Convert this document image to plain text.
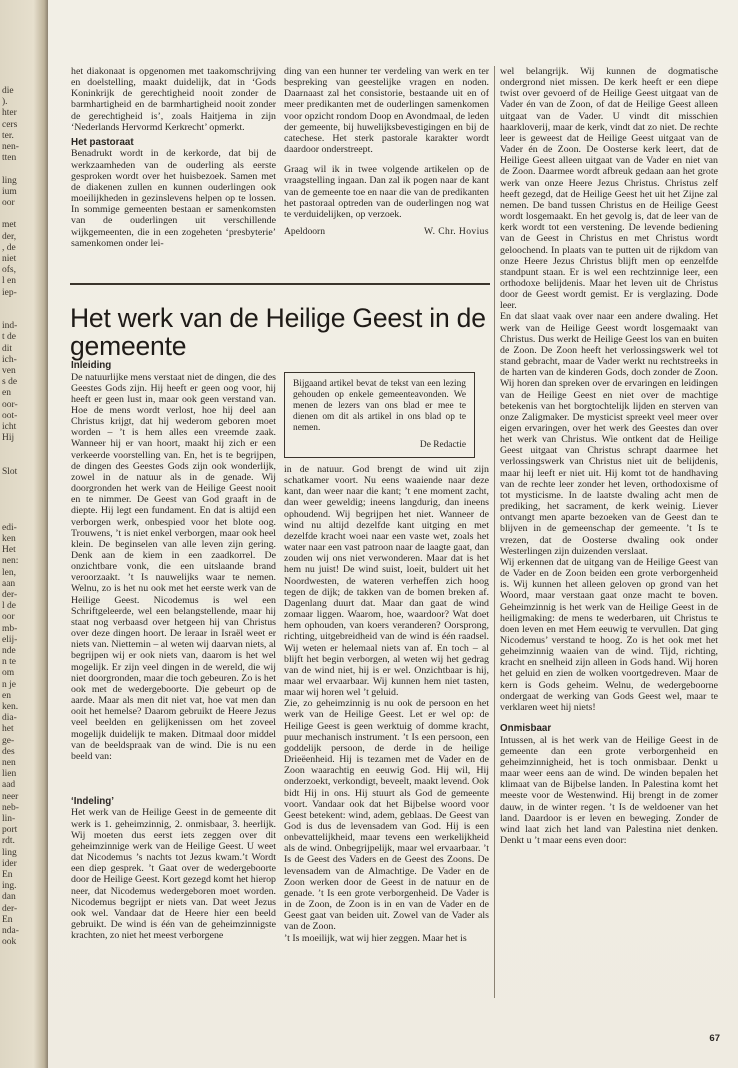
die
).
hter
cers
ter.
nen-
tten
ling
ium
oor
met
der,
, de
niet
ofs,
l en
iep-
ind-
t de
dit
ich-
ven
s de
en
oor-
oot-
icht
Hij
Slot
edi-
ken
Het
nen:
len,
aan
der-
l de
oor
mb-
elij-
nde
n te
om
n je
en
ken.
dia-
het
ge-
des
nen
lien
aad
neer
neb-
lin-
port
rdt.
ling
ider
En
ing.
dan
der-
En
nda-
ook

het diakonaat is opgenomen met taakomschrijving en doelstelling, maakt duidelijk, dat in ‘Gods Koninkrijk de gerechtigheid nooit zonder de barmhartigheid en de barmhartigheid nooit zonder de gerechtigheid is’, zoals Haitjema in zijn ‘Nederlands Hervormd Kerkrecht’ opmerkt.

Het pastoraat

Benadrukt wordt in de kerkorde, dat bij de werkzaamheden van de ouderling als eerste gesproken wordt over het huisbezoek. Samen met de diakenen zullen en kunnen ouderlingen ook moeilijkheden in gezinslevens helpen op te lossen. In sommige gemeenten bestaan er samenkomsten van de ouderlingen uit verschillende wijkgemeenten, die in een zogeheten ‘presbyterie’ samenkomen onder lei-

ding van een hunner ter verdeling van werk en ter bespreking van geestelijke vragen en noden. Daarnaast zal het consistorie, bestaande uit en of meer predikanten met de ouderlingen samenkomen voor opzicht rondom Doop en Avondmaal, de leden der gemeente, bij huwelijksbevestigingen en bij de catechese. Het sterk pastorale karakter wordt daardoor onderstreept.

Graag wil ik in twee volgende artikelen op de vraagstelling ingaan. Dan zal ik pogen naar de kant van de gemeente toe en naar die van de predikanten het pastoraal optreden van de ouderlingen nog wat te verduidelijken, op verzoek.

Apeldoorn	W. Chr. Hovius
Het werk van de Heilige Geest in de gemeente

Bijgaand artikel bevat de tekst van een lezing gehouden op enkele gemeenteavonden. We menen de lezers van ons blad er mee te dienen om dit als artikel in ons blad op te nemen.

De Redactie
Inleiding

De natuurlijke mens verstaat niet de dingen, die des Geestes Gods zijn. Hij heeft er geen oog voor, hij heeft er geen lust in, maar ook geen verstand van. Hoe de mens wordt verlost, hoe hij deel aan Christus krijgt, dat hij wederom geboren moet worden – ’t is hem alles een vreemde zaak. Wanneer hij er van hoort, maakt hij zich er een verkeerde voorstelling van. En, het is te begrijpen, de dingen des Geestes Gods zijn ook wonderlijk, zowel in de natuur als in de genade. Wij doorgronden het werk van de Heilige Geest nooit en te nimmer. De Geest van God graaft in de diepte. Hij legt een fundament. En dat is altijd een verborgen werk, onbespied voor het blote oog. Trouwens, ’t is niet enkel verborgen, maar ook heel klein. De beginselen van alle leven zijn gering. Denk aan de kiem in een zaadkorrel. De onzichtbare vonk, die een uitslaande brand veroorzaakt. ’t Is nauwelijks waar te nemen. Welnu, zo is het nu ook met het eerste werk van de Heilige Geest. Nicodemus is wel een Schriftgeleerde, wel een belangstellende, maar hij staat nog verbaasd over hetgeen hij van Christus over deze dingen hoort. De leraar in Israël weet er niets van. Niettemin – al weten wij daarvan niets, al begrijpen wij er ook niets van, daarom is het wel mogelijk. Er zijn veel dingen in de wereld, die wij niet doorgronden, maar die toch gebeuren. Zo is het ook met de wedergeboorte. Die gebeurt op de aarde. Maar als men dit niet vat, hoe vat men dan ooit het hemelse? Daarom gebruikt de Heere Jezus veel beelden en gelijkenissen om het zoveel mogelijk duidelijk te maken. Ditmaal door middel van de beeldspraak van de wind. Die is nu een beeld van:

‘Indeling’

Het werk van de Heilige Geest in de gemeente dit werk is 1. geheimzinnig, 2. onmisbaar, 3. heerlijk. Wij moeten dus eerst iets zeggen over dit geheimzinnige werk van de Heilige Geest. U weet dat Nicodemus ’s nachts tot Jezus kwam.’t Wordt een diep gesprek. ’t Gaat over de wedergeboorte door de Heilige Geest. Kort gezegd komt het hierop neer, dat Nicodemus wedergeboren moet worden. Nicodemus begrijpt er niets van. Dat weet Jezus ook wel. Vandaar dat de Heere hier een beeld gebruikt. De wind is één van de geheimzinnigste krachten, zo niet het meest verborgene

in de natuur. God brengt de wind uit zijn schatkamer voort. Nu eens waaiende naar deze kant, dan weer naar die kant; ’t ene moment zacht, dan weer geweldig; ineens langdurig, dan ineens ophoudend. Wij begrijpen het niet. Wanneer de wind nu altijd dezelfde kant uitging en met dezelfde kracht woei naar een vaste wet, zoals het water naar een vast patroon naar de laagte gaat, dan zouden wij ons niet verwonderen. Maar dat is het hem nu juist! De wind suist, loeit, buldert uit het Noordwesten, de wateren verheffen zich hoog tegen de dijk; de takken van de bomen breken af. Dagenlang duurt dat. Maar dan gaat de wind zomaar liggen. Waarom, hoe, waardoor? Wat doet hem ophouden, van koers veranderen? Oorsprong, richting, uitgebreidheid van de wind is één raadsel. Wij weten er helemaal niets van af. En toch – al blijft het begin verborgen, al weten wij het gedrag van de wind niet, hij is er wel. Onzichtbaar is hij, maar wel ervaarbaar. Wij kunnen hem niet tasten, maar wij horen wel ’t geluid.

Zie, zo geheimzinnig is nu ook de persoon en het werk van de Heilige Geest. Let er wel op: de Heilige Geest is geen werktuig of domme kracht, puur mechanisch instrument. ’t Is een persoon, een goddelijk persoon, de derde in de heilige Drieëenheid. Hij is tezamen met de Vader en de Zoon waarachtig en eeuwig God. Hij wil, Hij onderzoekt, verkondigt, beveelt, maakt levend. Ook bidt Hij in ons. Hij stuurt als God de gemeente voort. Vandaar ook dat het Bijbelse woord voor Geest betekent: wind, adem, geblaas. De Geest van God is dus de levensadem van God. Hij is een onbevattelijkheid, maar tevens een werkelijkheid als de wind. Onbegrijpelijk, maar wel ervaarbaar. ’t Is de Geest des Vaders en de Geest des Zoons. De levensadem van de Almachtige. De Vader en de Zoon werken door de Geest in de natuur en de genade. ’t Is een grote verborgenheid. De Vader is in de Zoon, de Zoon is in en van de Vader en de Geest gaat van beiden uit. Zowel van de Vader als van de Zoon.

’t Is moeilijk, wat wij hier zeggen. Maar het is

wel belangrijk. Wij kunnen de dogmatische ondergrond niet missen. De kerk heeft er een diepe twist over gevoerd of de Heilige Geest uitgaat van de Vader én van de Zoon, of dat de Heilige Geest alleen uitgaat van de Vader. U vindt dit misschien haarkloverij, maar de kerk, vindt dat zo niet. De rechte leer is geweest dat de Heilige Geest uitgaat van de Vader én de Zoon. De Oosterse kerk leert, dat de Heilige Geest alleen uitgaat van de Vader en niet van de Zoon. Daarmee wordt afbreuk gedaan aan het grote werk van onze Heere Jezus Christus. Christus zelf heeft gezegd, dat de Heilige Geest het uit het Zijne zal nemen. De band tussen Christus en de Heilige Geest wordt losgemaakt. En het gevolg is, dat de leer van de kerk wordt tot een verstening. De levende bediening van de Geest in Christus en met Christus wordt geloochend. In plaats van te putten uit de rijkdom van onze Heere Jezus Christus blijft men op eenzelfde standpunt staan. Er is wel een rechtzinnige leer, een orthodoxe belijdenis. Maar het leven uit de Christus door de Geest wordt gemist. Er is verglazing. Dode leer.

En dat slaat vaak over naar een andere dwaling. Het werk van de Heilige Geest wordt losgemaakt van Christus. Dus werkt de Heilige Geest los van en buiten de Zoon. De Zoon heeft het verlossingswerk wel tot stand gebracht, maar de Vader werkt nu rechtstreeks in de harten van de kinderen Gods, doch zonder de Zoon. Wij horen dan spreken over de ervaringen en leidingen van de Heilige Geest en niet over de machtige betekenis van het borgtochtelijk lijden en sterven van onze Zaligmaker. De mysticist spreekt veel meer over eigen ervaringen, over het werk des Geestes dan over het werk van Christus. Wie ontkent dat de Heilige Geest uitgaat van Christus schrapt daarmee het verlossingswerk van Christus niet uit de belijdenis, maar hij leeft er niet uit. Hij komt tot de handhaving van de rechte leer zonder het leven, orthodoxisme of tot mysticisme. In de laatste dwaling acht men de prediking, het sacrament, de kerk weinig. Liever ontvangt men aparte bezoeken van de Geest dan te blijven in de gemeenschap der gemeente. ’t Is te vrezen, dat de Oosterse dwaling ook onder Westerlingen zijn duizenden verslaat.

Wij erkennen dat de uitgang van de Heilige Geest van de Vader en de Zoon beiden een grote verborgenheid is. Wij kunnen het alleen geloven op grond van het Woord, maar verstaan gaat onze macht te boven. Geheimzinnig is het werk van de Heilige Geest in de heiligmaking: de mens te wederbaren, uit Christus te doen leven en met Hem eeuwig te vervullen. Dat ging Nicodemus’ verstand te hoog. Zo is het ook met het geheimzinnig waaien van de wind. Tijd, richting, kracht en snelheid zijn alleen in Gods hand. Wij horen het geluid en zien de wolken voortgedreven. Maar de kern is Gods geheim. Welnu, de wedergeboorne ondergaat de werking van Gods Geest wel, maar te verklaren weet hij niets!

Onmisbaar

Intussen, al is het werk van de Heilige Geest in de gemeente dan een grote verborgenheid en geheimzinnigheid, het is toch onmisbaar. Denkt u maar weer eens aan de wind. De winden bepalen het klimaat van de Bijbelse landen. In Palestina komt het meeste voor de Westenwind. Hij brengt in de zomer dauw, in de winter regen. ’t Is de weldoener van het land. Daardoor is er leven en beweging. Zonder de wind laat zich het land van Palestina niet denken. Denkt u ’t maar eens even door:

67
